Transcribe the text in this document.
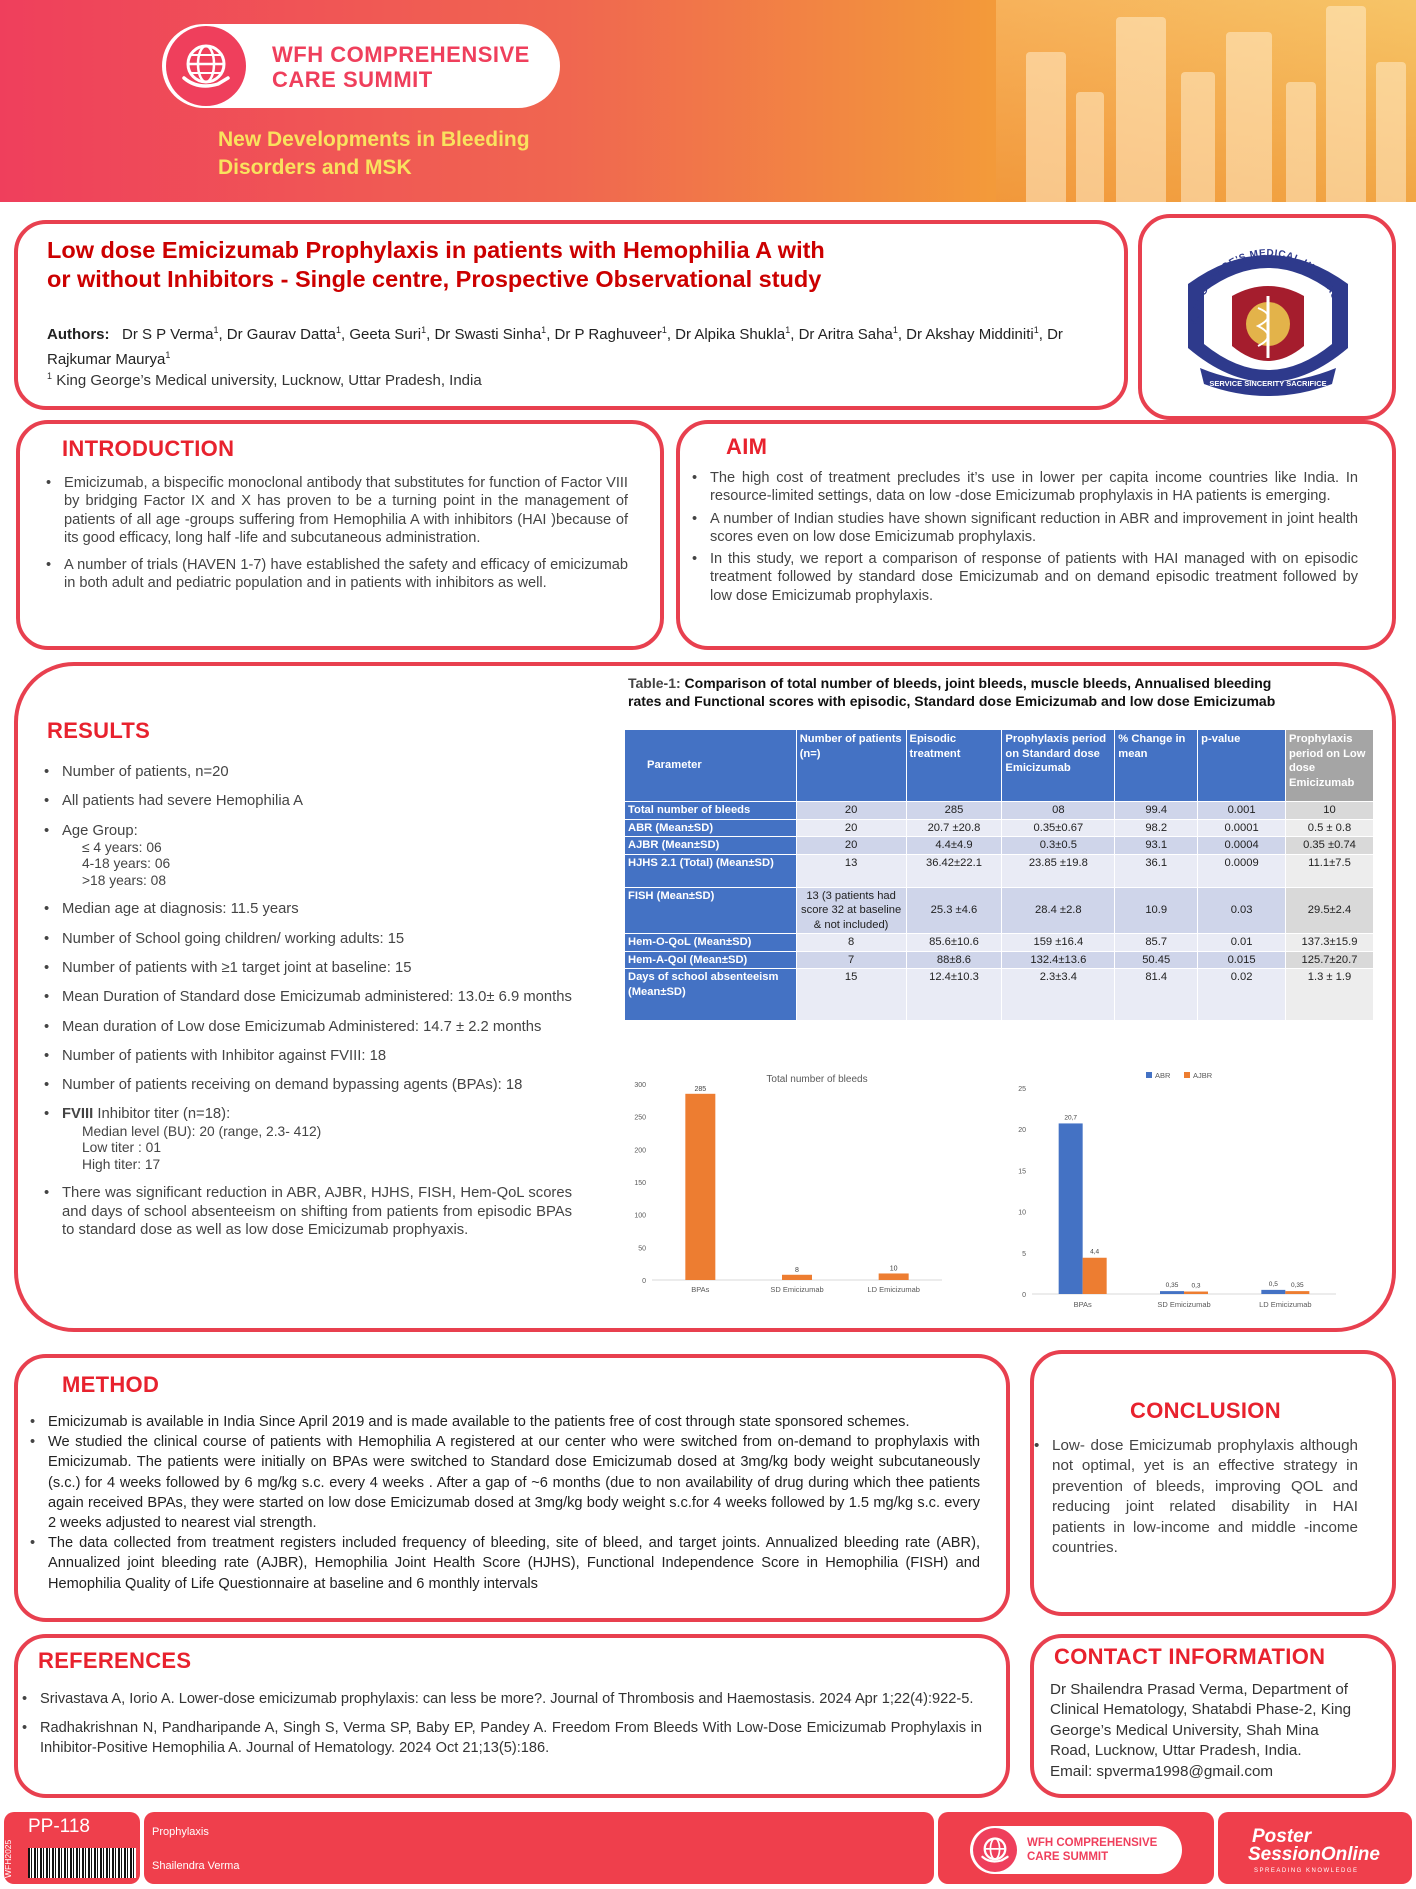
WFH COMPREHENSIVE
CARE SUMMIT
New Developments in Bleeding
Disorders and MSK
Low dose Emicizumab Prophylaxis in patients with Hemophilia A with
or without Inhibitors - Single centre, Prospective Observational study
Authors: Dr S P Verma$^1$, Dr Gaurav Datta$^1$, Geeta Suri$^1$, Dr Swasti Sinha$^1$, Dr P Raghuveer$^1$, Dr Alpika Shukla$^1$, Dr Aritra Saha$^1$, Dr Akshay Middiniti$^1$, Dr Rajkumar Maurya$^1$
$^1$ King George’s Medical university, Lucknow, Uttar Pradesh, India
KING GEORGE'S MEDICAL UNIVERSITY,
SERVICE SINCERITY SACRIFICE
INTRODUCTION
• Emicizumab, a bispecific monoclonal antibody that substitutes for function of Factor VIII by bridging Factor IX and X has proven to be a turning point in the management of patients of all age -groups suffering from Hemophilia A with inhibitors (HAI )because of its good efficacy, long half -life and subcutaneous administration.
• A number of trials (HAVEN 1-7) have established the safety and efficacy of emicizumab in both adult and pediatric population and in patients with inhibitors as well.
AIM
• The high cost of treatment precludes it’s use in lower per capita income countries like India. In resource-limited settings, data on low -dose Emicizumab prophylaxis in HA patients is emerging.
• A number of Indian studies have shown significant reduction in ABR and improvement in joint health scores even on low dose Emicizumab prophylaxis.
• In this study, we report a comparison of response of patients with HAI managed with on episodic treatment followed by standard dose Emicizumab and on demand episodic treatment followed by low dose Emicizumab prophylaxis.
RESULTS
• Number of patients, n=20
• All patients had severe Hemophilia A
• Age Group:
≤ 4 years: 06
4-18 years: 06
>18 years: 08
• Median age at diagnosis: 11.5 years
• Number of School going children/ working adults: 15
• Number of patients with ≥1 target joint at baseline: 15
• Mean Duration of Standard dose Emicizumab administered: 13.0± 6.9 months
• Mean duration of Low dose Emicizumab Administered: 14.7 ± 2.2 months
• Number of patients with Inhibitor against FVIII: 18
• Number of patients receiving on demand bypassing agents (BPAs): 18
• FVIII Inhibitor titer (n=18):
Median level (BU): 20 (range, 2.3- 412)
Low titer : 01
High titer: 17
• There was significant reduction in ABR, AJBR, HJHS, FISH, Hem-QoL scores and days of school absenteeism on shifting from patients from episodic BPAs to standard dose as well as low dose Emicizumab prophyaxis.
Table-1: Comparison of total number of bleeds, joint bleeds, muscle bleeds, Annualised bleeding rates and Functional scores with episodic, Standard dose Emicizumab and low dose Emicizumab
Parameter	Number of patients (n=)	Episodic treatment	Prophylaxis period on Standard dose Emicizumab	% Change in mean	p-value	Prophylaxis period on Low dose Emicizumab
Total number of bleeds	20	285	08	99.4	0.001	10
ABR (Mean±SD)	20	20.7 ±20.8	0.35±0.67	98.2	0.0001	0.5 ± 0.8
AJBR (Mean±SD)	20	4.4±4.9	0.3±0.5	93.1	0.0004	0.35 ±0.74
HJHS 2.1 (Total) (Mean±SD)	13	36.42±22.1	23.85 ±19.8	36.1	0.0009	11.1±7.5
FISH (Mean±SD)	13 (3 patients had score 32 at baseline & not included)	25.3 ±4.6	28.4 ±2.8	10.9	0.03	29.5±2.4
Hem-O-QoL (Mean±SD)	8	85.6±10.6	159 ±16.4	85.7	0.01	137.3±15.9
Hem-A-Qol (Mean±SD)	7	88±8.6	132.4±13.6	50.45	0.015	125.7±20.7
Days of school absenteeism (Mean±SD)	15	12.4±10.3	2.3±3.4	81.4	0.02	1.3 ± 1.9
Total number of bleeds
0
50
100
150
200
250
300
285
BPAs
8
SD Emicizumab
10
LD Emicizumab
ABR	AJBR
0
5
10
15
20
25
20,7
4,4
BPAs
0,35 0,3
SD Emicizumab
0,5 0,35
LD Emicizumab
METHOD
• Emicizumab is available in India Since April 2019 and is made available to the patients free of cost through state sponsored schemes.
• We studied the clinical course of patients with Hemophilia A registered at our center who were switched from on-demand to prophylaxis with Emicizumab. The patients were initially on BPAs were switched to Standard dose Emicizumab dosed at 3mg/kg body weight subcutaneously (s.c.) for 4 weeks followed by 6 mg/kg s.c. every 4 weeks . After a gap of ~6 months (due to non availability of drug during which thee patients again received BPAs, they were started on low dose Emicizumab dosed at 3mg/kg body weight s.c.for 4 weeks followed by 1.5 mg/kg s.c. every 2 weeks adjusted to nearest vial strength.
• The data collected from treatment registers included frequency of bleeding, site of bleed, and target joints. Annualized bleeding rate (ABR), Annualized joint bleeding rate (AJBR), Hemophilia Joint Health Score (HJHS), Functional Independence Score in Hemophilia (FISH) and Hemophilia Quality of Life Questionnaire at baseline and 6 monthly intervals
CONCLUSION
• Low- dose Emicizumab prophylaxis although not optimal, yet is an effective strategy in prevention of bleeds, improving QOL and reducing joint related disability in HAI patients in low-income and middle -income countries.
REFERENCES
• Srivastava A, Iorio A. Lower-dose emicizumab prophylaxis: can less be more?. Journal of Thrombosis and Haemostasis. 2024 Apr 1;22(4):922-5.
• Radhakrishnan N, Pandharipande A, Singh S, Verma SP, Baby EP, Pandey A. Freedom From Bleeds With Low-Dose Emicizumab Prophylaxis in Inhibitor-Positive Hemophilia A. Journal of Hematology. 2024 Oct 21;13(5):186.
CONTACT INFORMATION
Dr Shailendra Prasad Verma, Department of Clinical Hematology, Shatabdi Phase-2, King George’s Medical University, Shah Mina Road, Lucknow, Uttar Pradesh, India.
Email: spverma1998@gmail.com
WFH2025
PP-118	Prophylaxis
Shailendra Verma
WFH COMPREHENSIVE
CARE SUMMIT
Poster
SessionOnline
SPREADING KNOWLEDGE
